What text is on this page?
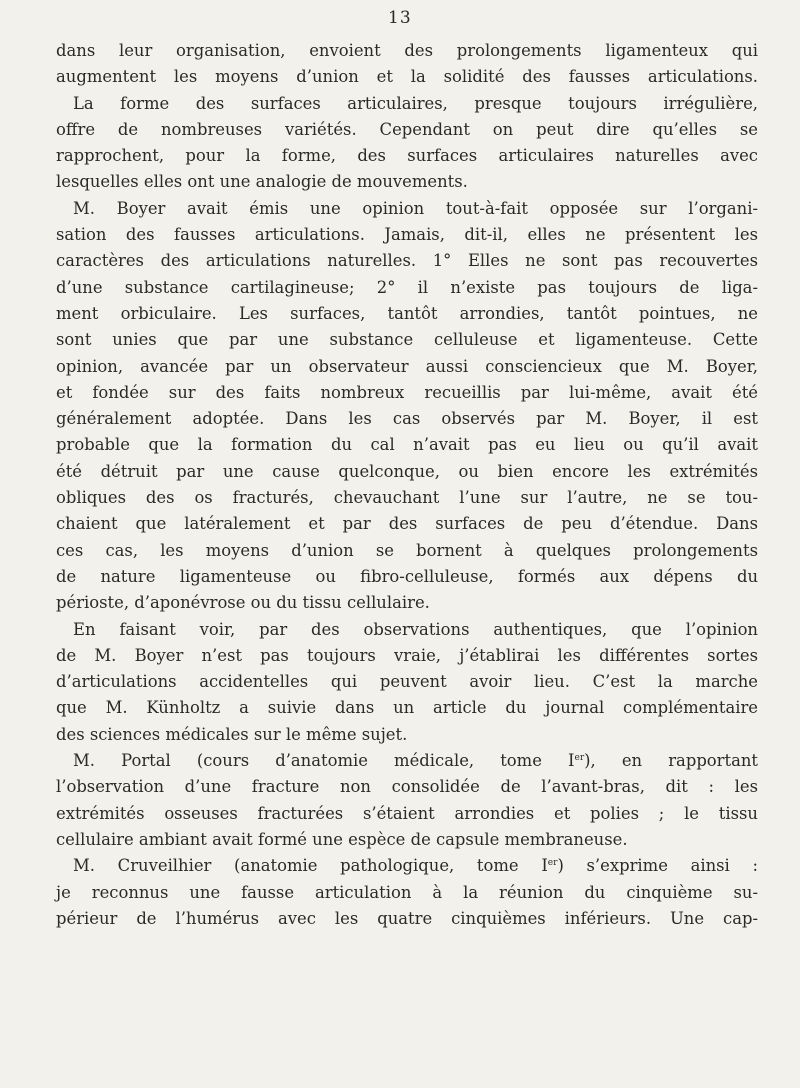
13
dans leur organisation, envoient des prolongements ligamenteux qui
augmentent les moyens d’union et la solidité des fausses articulations.
La forme des surfaces articulaires, presque toujours irrégulière,
offre de nombreuses variétés. Cependant on peut dire qu’elles se
rapprochent, pour la forme, des surfaces articulaires naturelles avec
lesquelles elles ont une analogie de mouvements.
M. Boyer avait émis une opinion tout-à-fait opposée sur l’organi-
sation des fausses articulations. Jamais, dit-il, elles ne présentent les
caractères des articulations naturelles. 1° Elles ne sont pas recouvertes
d’une substance cartilagineuse; 2° il n’existe pas toujours de liga-
ment orbiculaire. Les surfaces, tantôt arrondies, tantôt pointues, ne
sont unies que par une substance celluleuse et ligamenteuse. Cette
opinion, avancée par un observateur aussi consciencieux que M. Boyer,
et fondée sur des faits nombreux recueillis par lui-même, avait été
généralement adoptée. Dans les cas observés par M. Boyer, il est
probable que la formation du cal n’avait pas eu lieu ou qu’il avait
été détruit par une cause quelconque, ou bien encore les extrémités
obliques des os fracturés, chevauchant l’une sur l’autre, ne se tou-
chaient que latéralement et par des surfaces de peu d’étendue. Dans
ces cas, les moyens d’union se bornent à quelques prolongements
de nature ligamenteuse ou fibro-celluleuse, formés aux dépens du
périoste, d’aponévrose ou du tissu cellulaire.
En faisant voir, par des observations authentiques, que l’opinion
de M. Boyer n’est pas toujours vraie, j’établirai les différentes sortes
d’articulations accidentelles qui peuvent avoir lieu. C’est la marche
que M. Künholtz a suivie dans un article du journal complémentaire
des sciences médicales sur le même sujet.
M. Portal (cours d’anatomie médicale, tome Ier), en rapportant
l’observation d’une fracture non consolidée de l’avant-bras, dit : les
extrémités osseuses fracturées s’étaient arrondies et polies ; le tissu
cellulaire ambiant avait formé une espèce de capsule membraneuse.
M. Cruveilhier (anatomie pathologique, tome Ier) s’exprime ainsi :
je reconnus une fausse articulation à la réunion du cinquième su-
périeur de l’humérus avec les quatre cinquièmes inférieurs. Une cap-
